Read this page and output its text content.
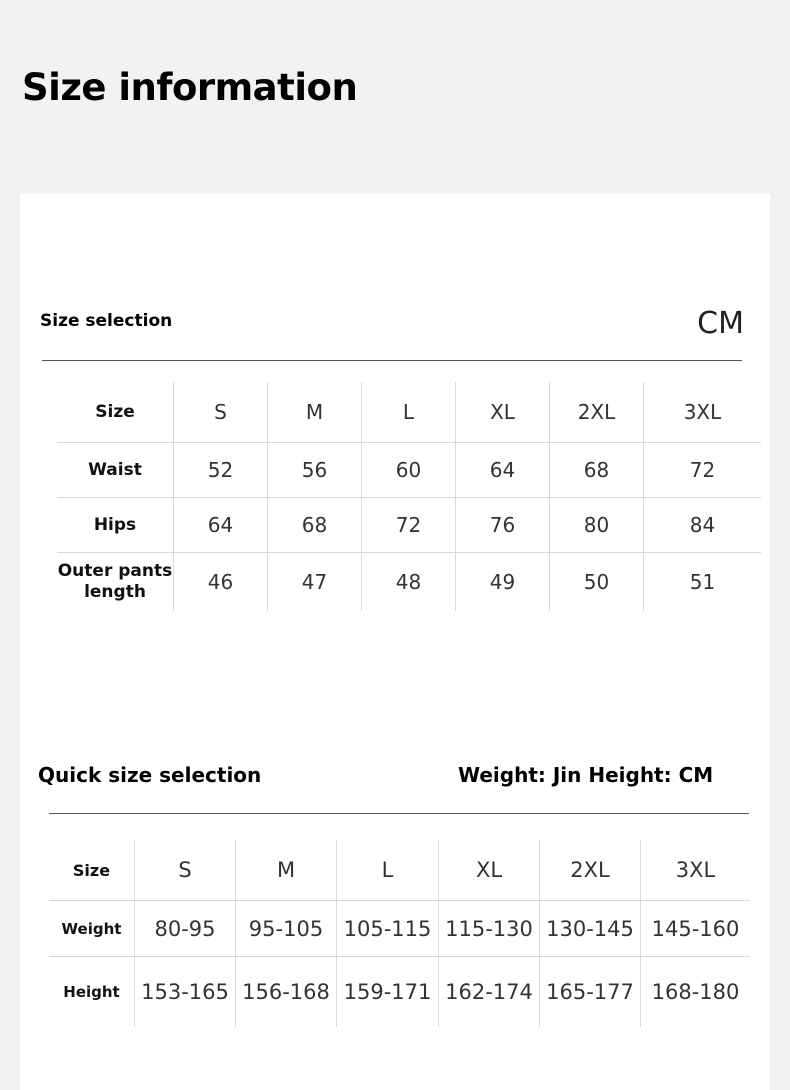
Size information
Size selection	CM
Size	S	M	L	XL	2XL	3XL
Waist	52	56	60	64	68	72
Hips	64	68	72	76	80	84
Outer pants length	46	47	48	49	50	51
Quick size selection	Weight: Jin Height: CM
Size	S	M	L	XL	2XL	3XL
Weight	80-95	95-105	105-115	115-130	130-145	145-160
Height	153-165	156-168	159-171	162-174	165-177	168-180
